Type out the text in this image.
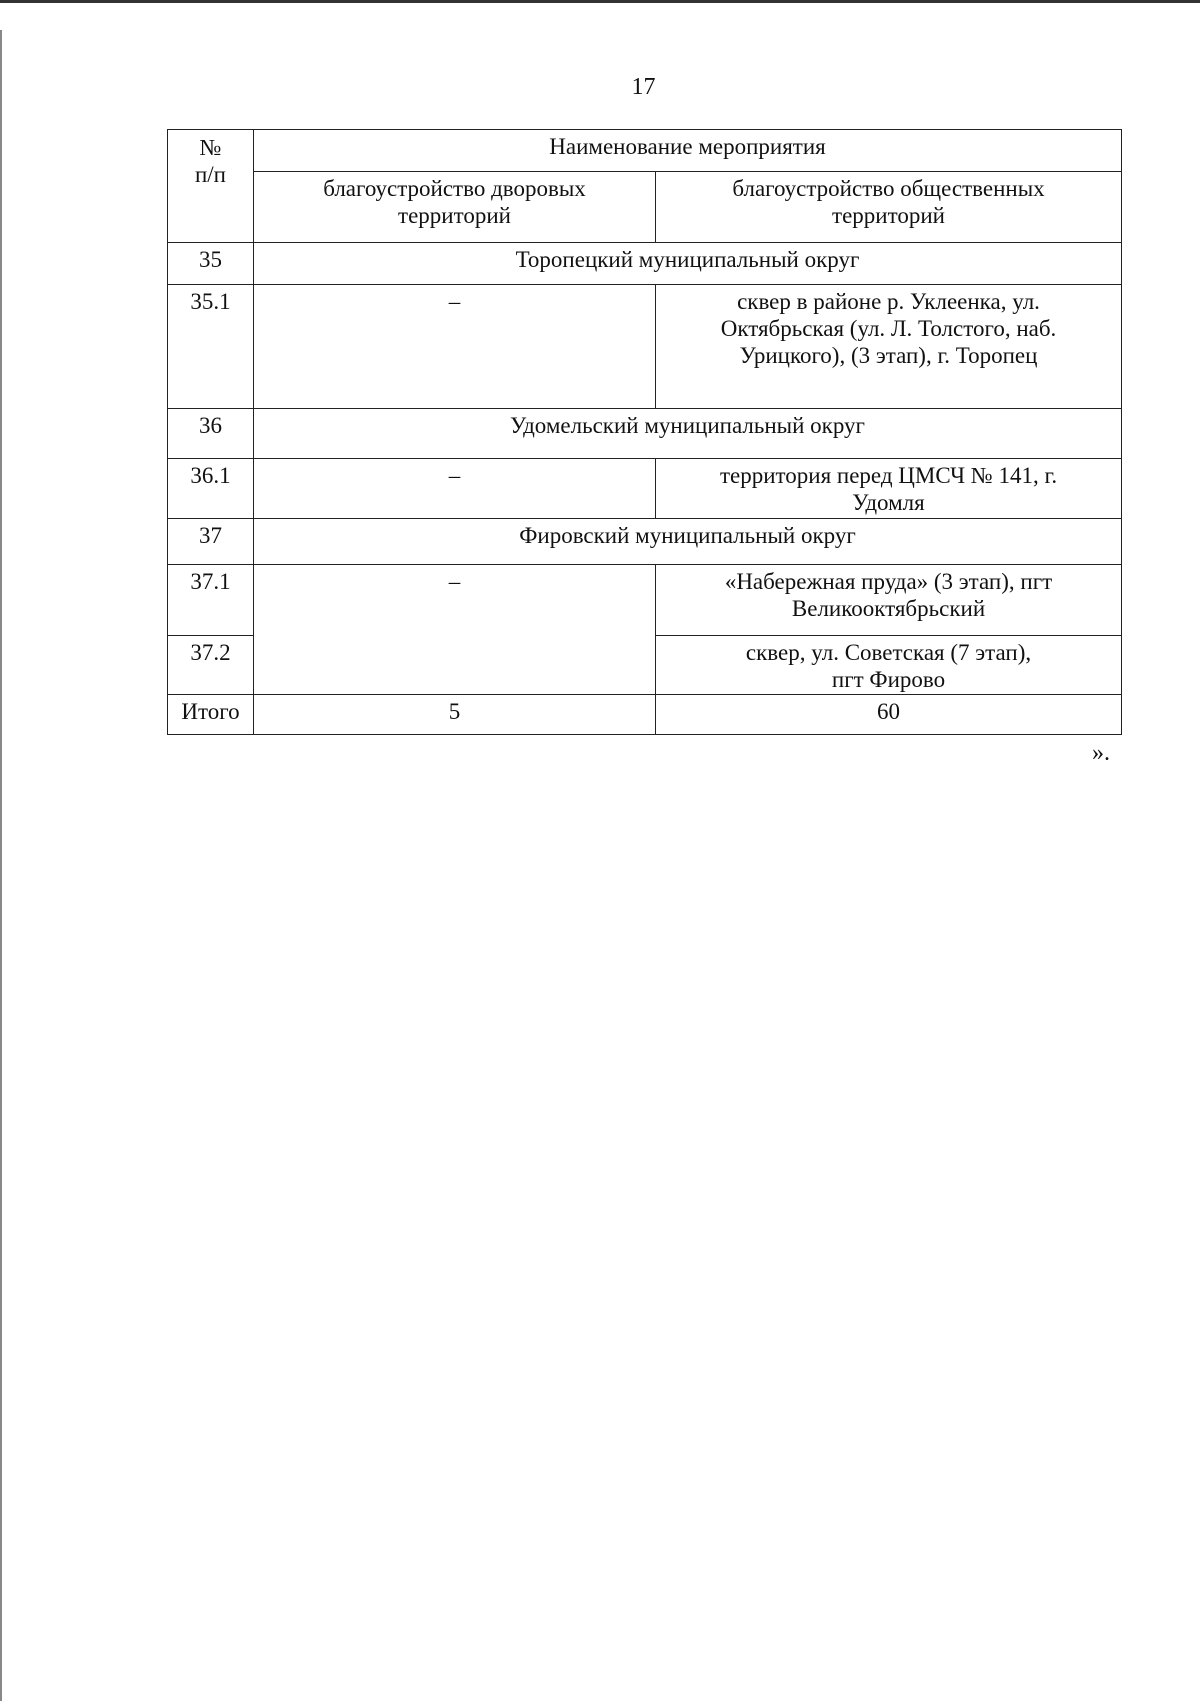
17
№ п/п	Наименование мероприятия	

	благоустройство дворовых территорий	благоустройство общественных территорий

35	Торопецкий муниципальный округ	

35.1	–	сквер в районе р. Уклеенка, ул. Октябрьская (ул. Л. Толстого, наб. Урицкого), (3 этап), г. Торопец

36	Удомельский муниципальный округ	

36.1	–	территория перед ЦМСЧ № 141, г. Удомля

37	Фировский муниципальный округ	

37.1	–	«Набережная пруда» (3 этап), пгт Великооктябрьский

37.2		сквер, ул. Советская (7 этап), пгт Фирово

Итого	5	60
».
